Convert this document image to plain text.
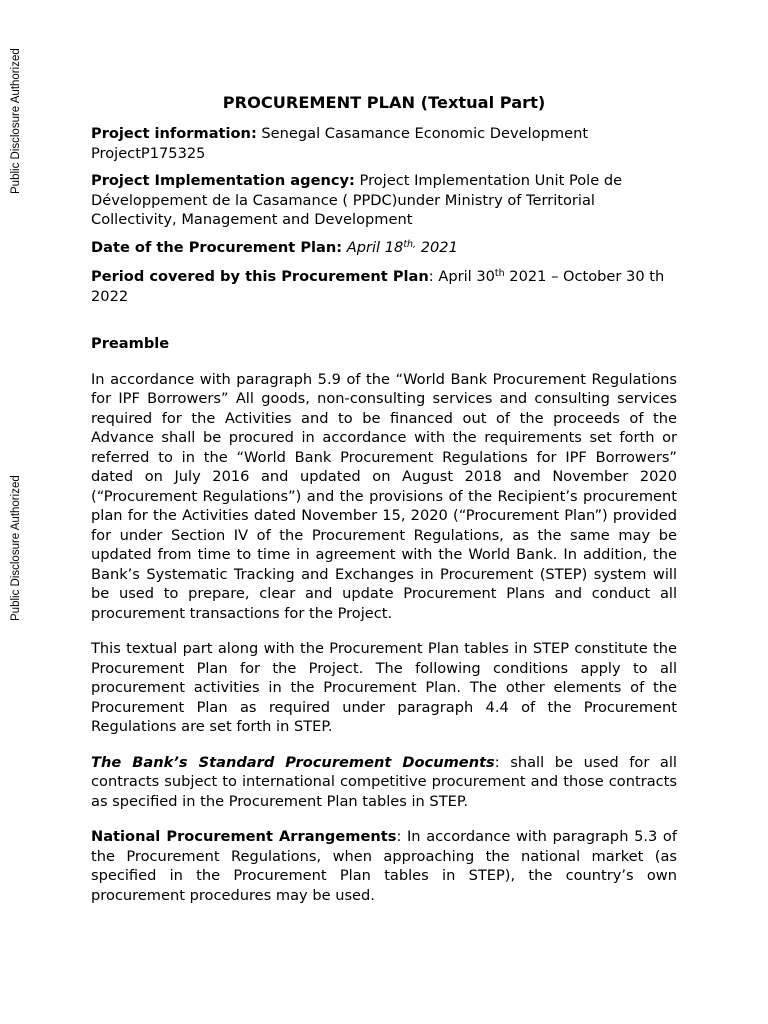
Public Disclosure Authorized
Public Disclosure Authorized
PROCUREMENT PLAN (Textual Part)
Project information: Senegal Casamance Economic Development ProjectP175325
Project Implementation agency: Project Implementation Unit Pole de Développement de la Casamance ( PPDC)under Ministry of Territorial Collectivity, Management and Development
Date of the Procurement Plan: April $18^{th,}$ 2021
Period covered by this Procurement Plan: April 30th 2021 – October 30 th 2022
Preamble
In accordance with paragraph 5.9 of the “World Bank Procurement Regulations for IPF Borrowers” All goods, non-consulting services and consulting services required for the Activities and to be financed out of the proceeds of the Advance shall be procured in accordance with the requirements set forth or referred to in the “World Bank Procurement Regulations for IPF Borrowers” dated on July 2016 and updated on August 2018 and November 2020 (“Procurement Regulations”) and the provisions of the Recipient’s procurement plan for the Activities dated November 15, 2020 (“Procurement Plan”) provided for under Section IV of the Procurement Regulations, as the same may be updated from time to time in agreement with the World Bank. In addition, the Bank’s Systematic Tracking and Exchanges in Procurement (STEP) system will be used to prepare, clear and update Procurement Plans and conduct all procurement transactions for the Project.
This textual part along with the Procurement Plan tables in STEP constitute the Procurement Plan for the Project. The following conditions apply to all procurement activities in the Procurement Plan. The other elements of the Procurement Plan as required under paragraph 4.4 of the Procurement Regulations are set forth in STEP.
The Bank’s Standard Procurement Documents: shall be used for all contracts subject to international competitive procurement and those contracts as specified in the Procurement Plan tables in STEP.
National Procurement Arrangements: In accordance with paragraph 5.3 of the Procurement Regulations, when approaching the national market (as specified in the Procurement Plan tables in STEP), the country’s own procurement procedures may be used.
